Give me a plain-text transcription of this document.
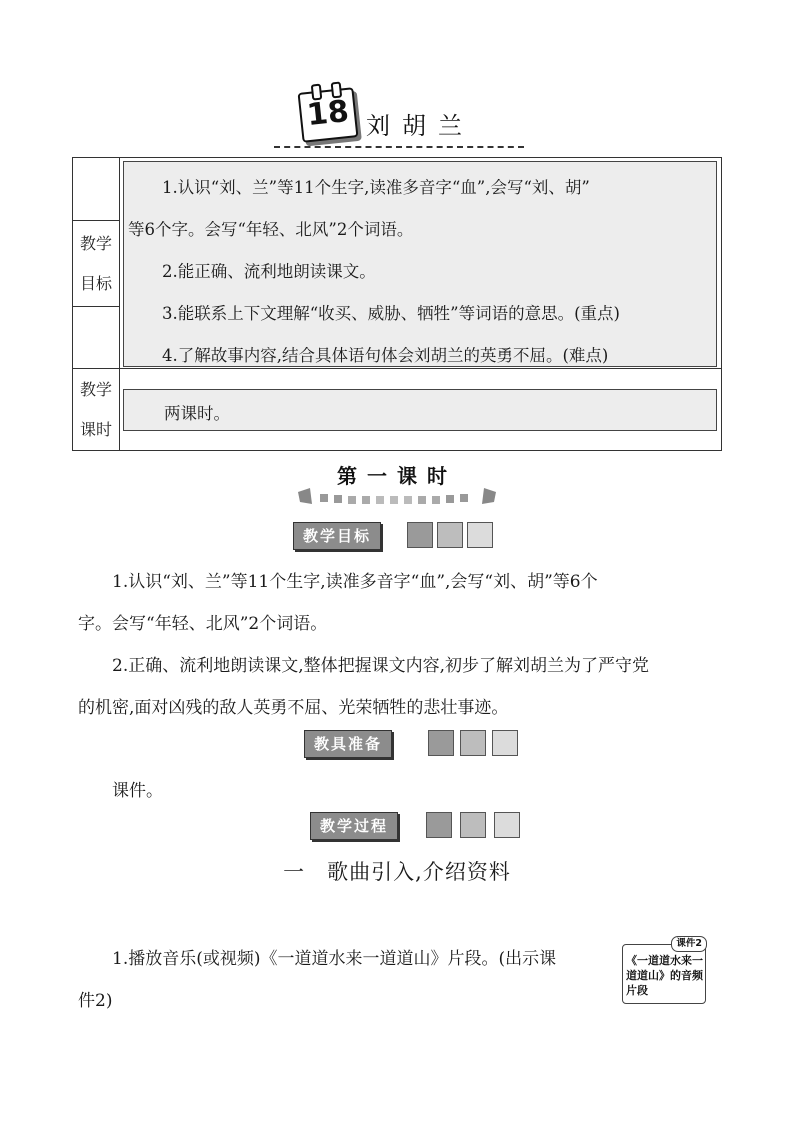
18 刘胡兰
教学
目标
1.认识“刘、兰”等11个生字,读准多音字“血”,会写“刘、胡”
等6个字。会写“年轻、北风”2个词语。
2.能正确、流利地朗读课文。
3.能联系上下文理解“收买、威胁、牺牲”等词语的意思。(重点)
4.了解故事内容,结合具体语句体会刘胡兰的英勇不屈。(难点)
教学
课时
两课时。
第一课时
教学目标
1.认识“刘、兰”等11个生字,读准多音字“血”,会写“刘、胡”等6个
字。会写“年轻、北风”2个词语。
2.正确、流利地朗读课文,整体把握课文内容,初步了解刘胡兰为了严守党
的机密,面对凶残的敌人英勇不屈、光荣牺牲的悲壮事迹。
教具准备
课件。
教学过程
一　歌曲引入,介绍资料
1.播放音乐(或视频)《一道道水来一道道山》片段。(出示课
件2)
课件2
《一道道水来一道道山》的音频片段
